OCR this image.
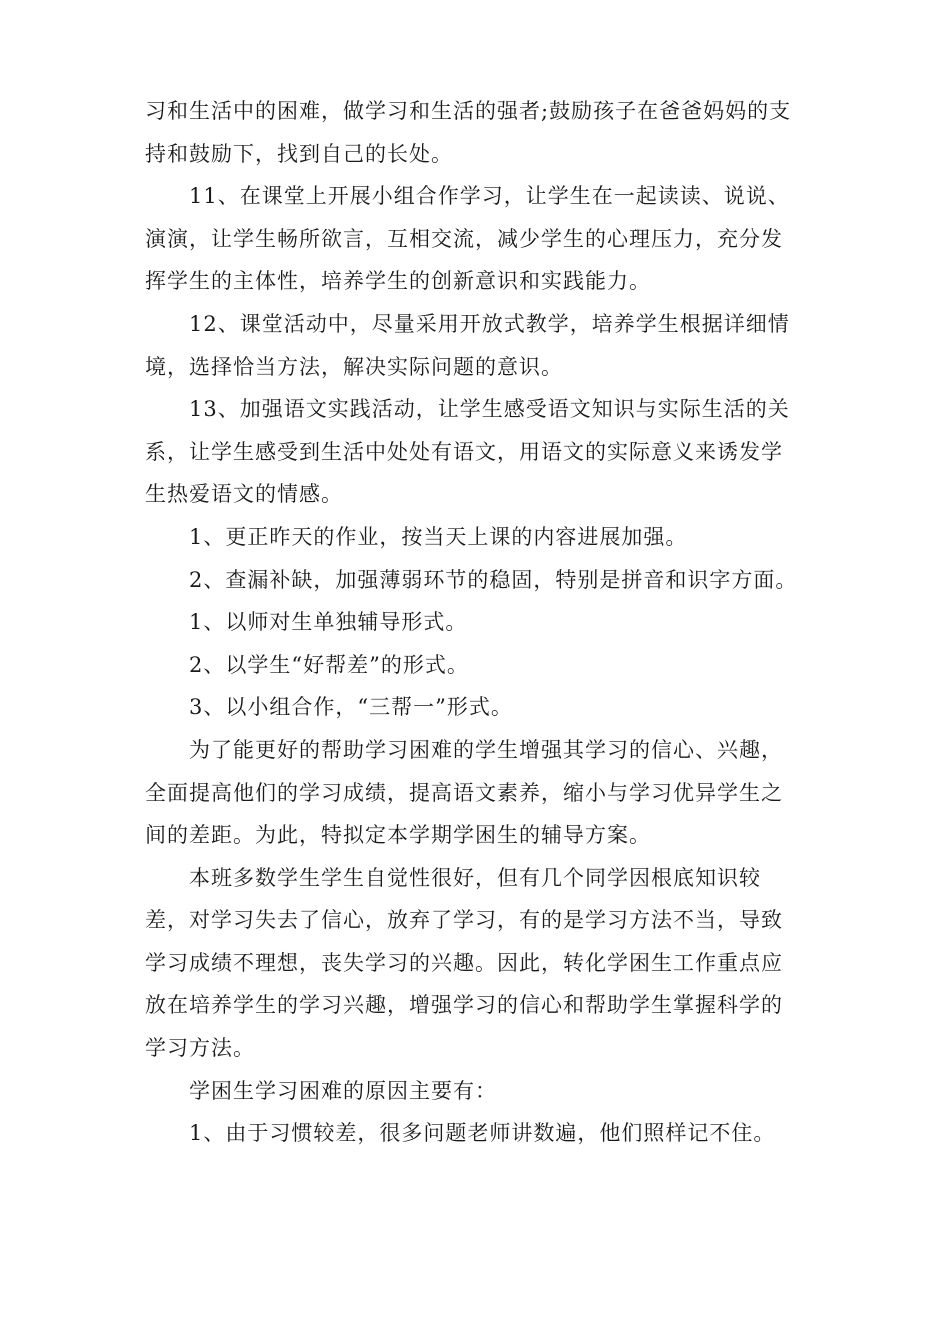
习和生活中的困难，做学习和生活的强者;鼓励孩子在爸爸妈妈的支
持和鼓励下，找到自己的长处。
11、在课堂上开展小组合作学习，让学生在一起读读、说说、
演演，让学生畅所欲言，互相交流，减少学生的心理压力，充分发
挥学生的主体性，培养学生的创新意识和实践能力。
12、课堂活动中，尽量采用开放式教学，培养学生根据详细情
境，选择恰当方法，解决实际问题的意识。
13、加强语文实践活动，让学生感受语文知识与实际生活的关
系，让学生感受到生活中处处有语文，用语文的实际意义来诱发学
生热爱语文的情感。
1、更正昨天的作业，按当天上课的内容进展加强。
2、查漏补缺，加强薄弱环节的稳固，特别是拼音和识字方面。
1、以师对生单独辅导形式。
2、以学生“好帮差”的形式。
3、以小组合作，“三帮一”形式。
为了能更好的帮助学习困难的学生增强其学习的信心、兴趣，
全面提高他们的学习成绩，提高语文素养，缩小与学习优异学生之
间的差距。为此，特拟定本学期学困生的辅导方案。
本班多数学生学生自觉性很好，但有几个同学因根底知识较
差，对学习失去了信心，放弃了学习，有的是学习方法不当，导致
学习成绩不理想，丧失学习的兴趣。因此，转化学困生工作重点应
放在培养学生的学习兴趣，增强学习的信心和帮助学生掌握科学的
学习方法。
学困生学习困难的原因主要有：
1、由于习惯较差，很多问题老师讲数遍，他们照样记不住。
